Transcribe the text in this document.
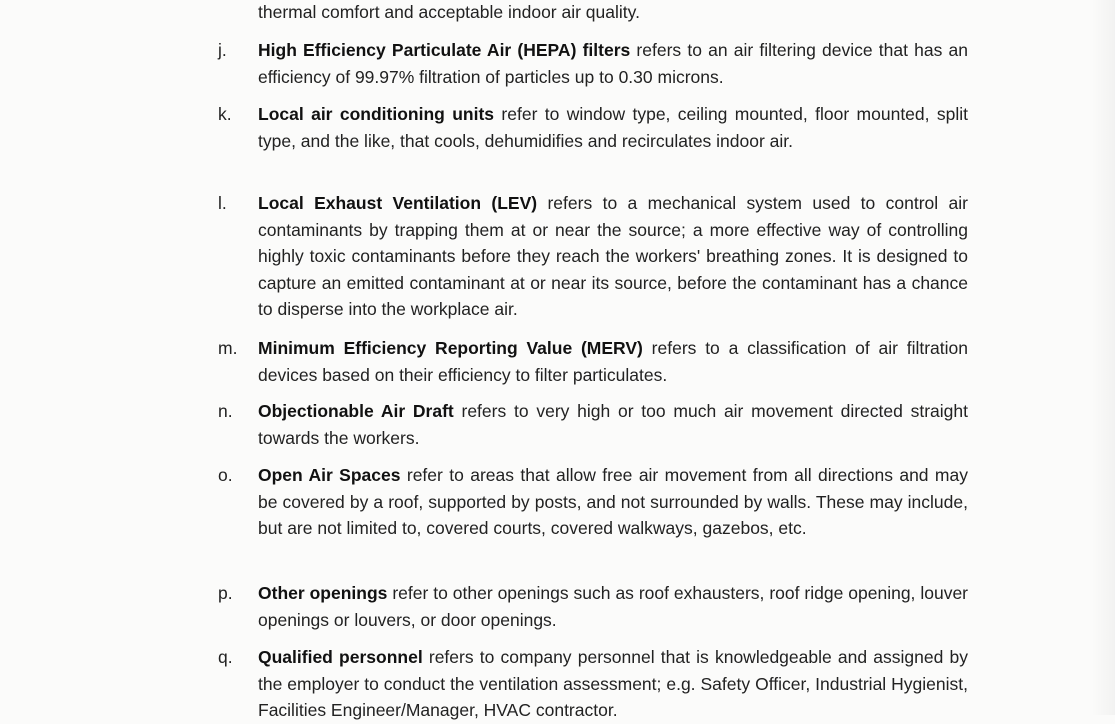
thermal comfort and acceptable indoor air quality.
j.	High Efficiency Particulate Air (HEPA) filters refers to an air filtering device that has an efficiency of 99.97% filtration of particles up to 0.30 microns.
k.	Local air conditioning units refer to window type, ceiling mounted, floor mounted, split type, and the like, that cools, dehumidifies and recirculates indoor air.
l.	Local Exhaust Ventilation (LEV) refers to a mechanical system used to control air contaminants by trapping them at or near the source; a more effective way of controlling highly toxic contaminants before they reach the workers' breathing zones. It is designed to capture an emitted contaminant at or near its source, before the contaminant has a chance to disperse into the workplace air.
m.	Minimum Efficiency Reporting Value (MERV) refers to a classification of air filtration devices based on their efficiency to filter particulates.
n.	Objectionable Air Draft refers to very high or too much air movement directed straight towards the workers.
o.	Open Air Spaces refer to areas that allow free air movement from all directions and may be covered by a roof, supported by posts, and not surrounded by walls. These may include, but are not limited to, covered courts, covered walkways, gazebos, etc.
p.	Other openings refer to other openings such as roof exhausters, roof ridge opening, louver openings or louvers, or door openings.
q.	Qualified personnel refers to company personnel that is knowledgeable and assigned by the employer to conduct the ventilation assessment; e.g. Safety Officer, Industrial Hygienist, Facilities Engineer/Manager, HVAC contractor.
